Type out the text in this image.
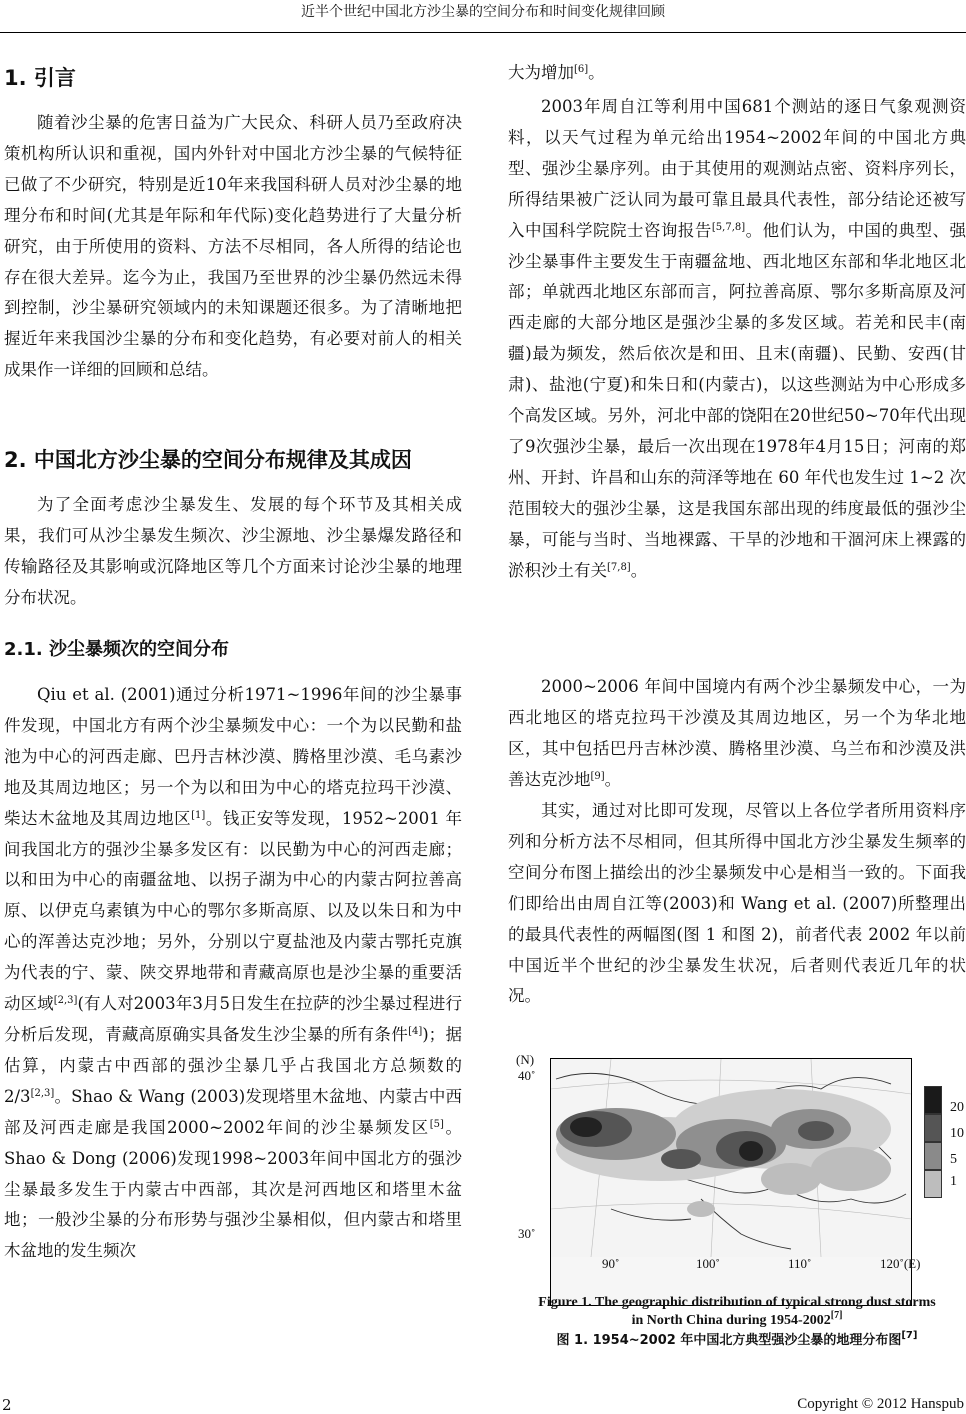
近半个世纪中国北方沙尘暴的空间分布和时间变化规律回顾
1. 引言

随着沙尘暴的危害日益为广大民众、科研人员乃至政府决策机构所认识和重视，国内外针对中国北方沙尘暴的气候特征已做了不少研究，特别是近10年来我国科研人员对沙尘暴的地理分布和时间(尤其是年际和年代际)变化趋势进行了大量分析研究，由于所使用的资料、方法不尽相同，各人所得的结论也存在很大差异。迄今为止，我国乃至世界的沙尘暴仍然远未得到控制，沙尘暴研究领域内的未知课题还很多。为了清晰地把握近年来我国沙尘暴的分布和变化趋势，有必要对前人的相关成果作一详细的回顾和总结。

2. 中国北方沙尘暴的空间分布规律及其成因

为了全面考虑沙尘暴发生、发展的每个环节及其相关成果，我们可从沙尘暴发生频次、沙尘源地、沙尘暴爆发路径和传输路径及其影响或沉降地区等几个方面来讨论沙尘暴的地理分布状况。

2.1. 沙尘暴频次的空间分布

Qiu et al. (2001)通过分析1971~1996年间的沙尘暴事件发现，中国北方有两个沙尘暴频发中心：一个为以民勤和盐池为中心的河西走廊、巴丹吉林沙漠、腾格里沙漠、毛乌素沙地及其周边地区；另一个为以和田为中心的塔克拉玛干沙漠、柴达木盆地及其周边地区[1]。钱正安等发现，1952~2001 年间我国北方的强沙尘暴多发区有：以民勤为中心的河西走廊；以和田为中心的南疆盆地、以拐子湖为中心的内蒙古阿拉善高原、以伊克乌素镇为中心的鄂尔多斯高原、以及以朱日和为中心的浑善达克沙地；另外，分别以宁夏盐池及内蒙古鄂托克旗为代表的宁、蒙、陕交界地带和青藏高原也是沙尘暴的重要活动区域[2,3](有人对2003年3月5日发生在拉萨的沙尘暴过程进行分析后发现，青藏高原确实具备发生沙尘暴的所有条件[4])；据估算，内蒙古中西部的强沙尘暴几乎占我国北方总频数的2/3[2,3]。Shao & Wang (2003)发现塔里木盆地、内蒙古中西部及河西走廊是我国2000~2002年间的沙尘暴频发区[5]。Shao & Dong (2006)发现1998~2003年间中国北方的强沙尘暴最多发生于内蒙古中西部，其次是河西地区和塔里木盆地；一般沙尘暴的分布形势与强沙尘暴相似，但内蒙古和塔里木盆地的发生频次

大为增加[6]。

2003年周自江等利用中国681个测站的逐日气象观测资料，以天气过程为单元给出1954~2002年间的中国北方典型、强沙尘暴序列。由于其使用的观测站点密、资料序列长，所得结果被广泛认同为最可靠且最具代表性，部分结论还被写入中国科学院院士咨询报告[5,7,8]。他们认为，中国的典型、强沙尘暴事件主要发生于南疆盆地、西北地区东部和华北地区北部；单就西北地区东部而言，阿拉善高原、鄂尔多斯高原及河西走廊的大部分地区是强沙尘暴的多发区域。若羌和民丰(南疆)最为频发，然后依次是和田、且末(南疆)、民勤、安西(甘肃)、盐池(宁夏)和朱日和(内蒙古)，以这些测站为中心形成多个高发区域。另外，河北中部的饶阳在20世纪50~70年代出现了9次强沙尘暴，最后一次出现在1978年4月15日；河南的郑州、开封、许昌和山东的菏泽等地在 60 年代也发生过 1~2 次范围较大的强沙尘暴，这是我国东部出现的纬度最低的强沙尘暴，可能与当时、当地裸露、干旱的沙地和干涸河床上裸露的淤积沙土有关[7,8]。

2000~2006 年间中国境内有两个沙尘暴频发中心，一为西北地区的塔克拉玛干沙漠及其周边地区，另一个为华北地区，其中包括巴丹吉林沙漠、腾格里沙漠、乌兰布和沙漠及洪善达克沙地[9]。

其实，通过对比即可发现，尽管以上各位学者所用资料序列和分析方法不尽相同，但其所得中国北方沙尘暴发生频率的空间分布图上描绘出的沙尘暴频发中心是相当一致的。下面我们即给出由周自江等(2003)和 Wang et al. (2007)所整理出的最具代表性的两幅图(图 1 和图 2)，前者代表 2002 年以前中国近半个世纪的沙尘暴发生状况，后者则代表近几年的状况。

(N)
40˚
30˚
20
10
5
1
90˚	100˚	110˚	120˚(E)
Figure 1. The geographic distribution of typical strong dust storms
in North China during 1954-2002[7]
图 1. 1954~2002 年中国北方典型强沙尘暴的地理分布图[7]
2	Copyright © 2012 Hanspub
